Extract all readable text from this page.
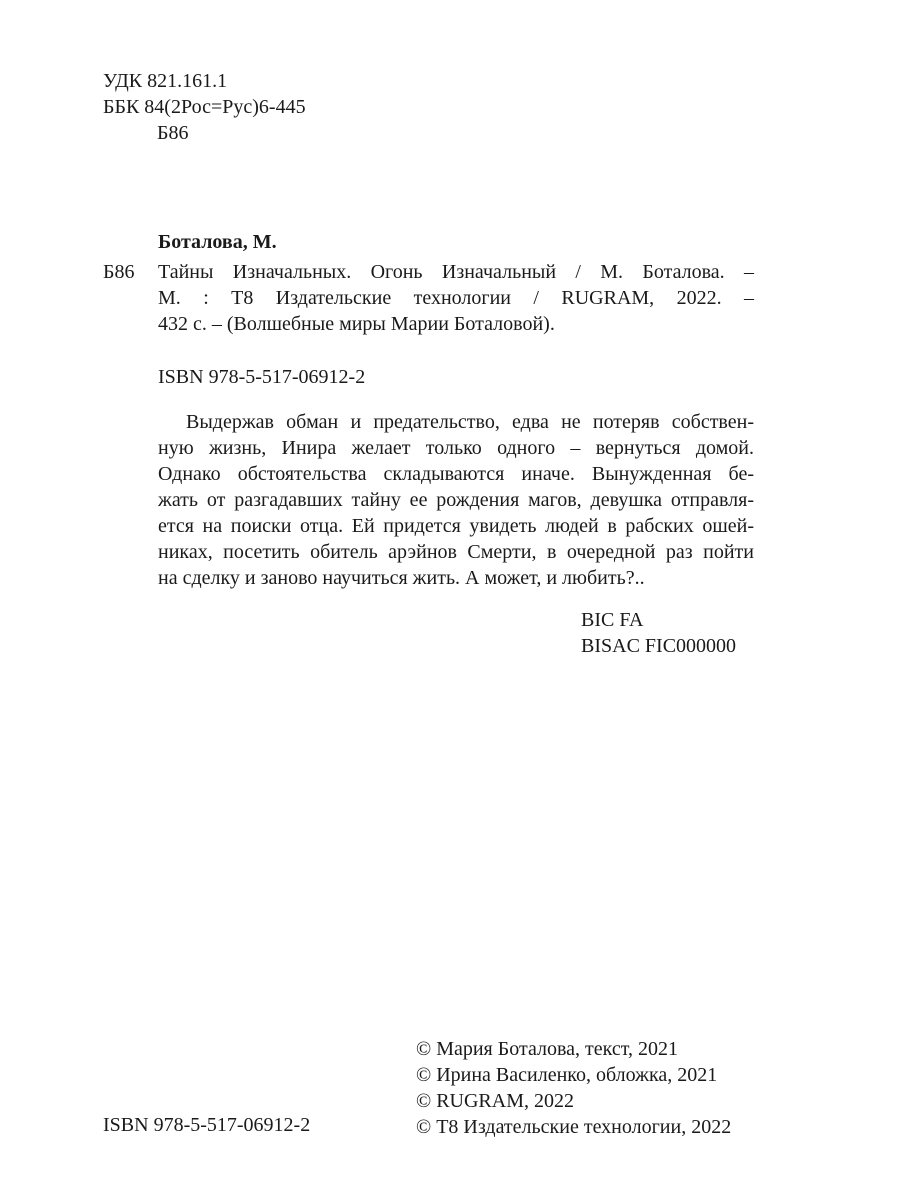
УДК 821.161.1
ББК 84(2Рос=Рус)6-445
Б86
Боталова, М.
Б86 Тайны Изначальных. Огонь Изначальный / М. Боталова. –
М. : Т8 Издательские технологии / RUGRAM, 2022. –
432 с. – (Волшебные миры Марии Боталовой).
ISBN 978-5-517-06912-2
Выдержав обман и предательство, едва не потеряв собствен-
ную жизнь, Инира желает только одного – вернуться домой.
Однако обстоятельства складываются иначе. Вынужденная бе-
жать от разгадавших тайну ее рождения магов, девушка отправля-
ется на поиски отца. Ей придется увидеть людей в рабских ошей-
никах, посетить обитель арэйнов Смерти, в очередной раз пойти
на сделку и заново научиться жить. А может, и любить?..
BIC FA
BISAC FIC000000
© Мария Боталова, текст, 2021
© Ирина Василенко, обложка, 2021
© RUGRAM, 2022
© Т8 Издательские технологии, 2022
ISBN 978-5-517-06912-2
